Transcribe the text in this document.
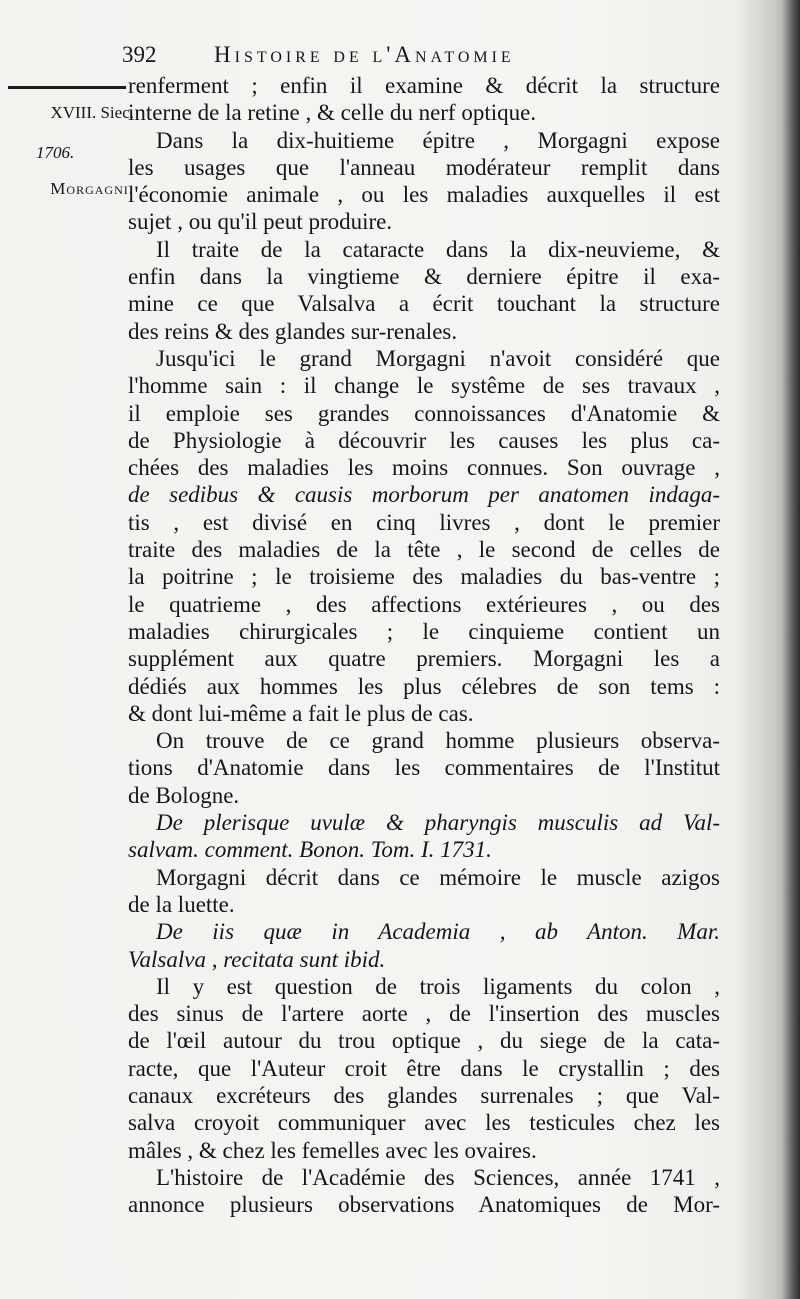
392	Histoire de l'Anatomie
XVIII. Siec.
1706.
Morgagni.
renferment ; enfin il examine & décrit la structure
interne de la retine , & celle du nerf optique.
Dans la dix-huitieme épitre , Morgagni expose
les usages que l'anneau modérateur remplit dans
l'économie animale , ou les maladies auxquelles il est
sujet , ou qu'il peut produire.
Il traite de la cataracte dans la dix-neuvieme, &
enfin dans la vingtieme & derniere épitre il exa-
mine ce que Valsalva a écrit touchant la structure
des reins & des glandes sur-renales.
Jusqu'ici le grand Morgagni n'avoit considéré que
l'homme sain : il change le systême de ses travaux ,
il emploie ses grandes connoissances d'Anatomie &
de Physiologie à découvrir les causes les plus ca-
chées des maladies les moins connues. Son ouvrage ,
de sedibus & causis morborum per anatomen indaga-
tis , est divisé en cinq livres , dont le premier
traite des maladies de la tête , le second de celles de
la poitrine ; le troisieme des maladies du bas-ventre ;
le quatrieme , des affections extérieures , ou des
maladies chirurgicales ; le cinquieme contient un
supplément aux quatre premiers. Morgagni les a
dédiés aux hommes les plus célebres de son tems :
& dont lui-même a fait le plus de cas.
On trouve de ce grand homme plusieurs observa-
tions d'Anatomie dans les commentaires de l'Institut
de Bologne.
De plerisque uvulæ & pharyngis musculis ad Val-
salvam. comment. Bonon. Tom. I. 1731.
Morgagni décrit dans ce mémoire le muscle azigos
de la luette.
De iis quæ in Academia , ab Anton. Mar.
Valsalva , recitata sunt ibid.
Il y est question de trois ligaments du colon ,
des sinus de l'artere aorte , de l'insertion des muscles
de l'œil autour du trou optique , du siege de la cata-
racte, que l'Auteur croit être dans le crystallin ; des
canaux excréteurs des glandes surrenales ; que Val-
salva croyoit communiquer avec les testicules chez les
mâles , & chez les femelles avec les ovaires.
L'histoire de l'Académie des Sciences, année 1741 ,
annonce plusieurs observations Anatomiques de Mor-
